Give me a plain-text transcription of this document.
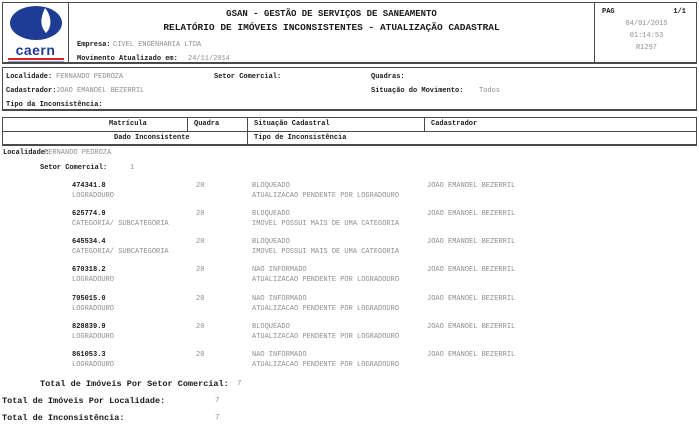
caern
GSAN - GESTÃO DE SERVIÇOS DE SANEAMENTO
RELATÓRIO DE IMÓVEIS INCONSISTENTES - ATUALIZAÇÃO CADASTRAL
Empresa: CIVEL ENGENHARIA LTDA
Movimento Atualizado em: 24/11/2014
PAG	1/1
04/01/2015
01:14:53
R1297
Localidade: FERNANDO PEDROZA	Setor Comercial:	Quadras:
Cadastrador: JOAO EMANOEL BEZERRIL	Situação do Movimento: Todos
Tipo da Inconsistência:
Matrícula	Quadra	Situação Cadastral	Cadastrador
Dado Inconsistente	Tipo de Inconsistência
Localidade:
FERNANDO PEDROZA
Setor Comercial:	1
474341.8	20	BLOQUEADO	JOAO EMANOEL BEZERRIL
LOGRADOURO	ATUALIZACAO PENDENTE POR LOGRADOURO
625774.9	20	BLOQUEADO	JOAO EMANOEL BEZERRIL
CATEGORIA/ SUBCATEGORIA	IMOVEL POSSUI MAIS DE UMA CATEGORIA
645534.4	20	BLOQUEADO	JOAO EMANOEL BEZERRIL
CATEGORIA/ SUBCATEGORIA	IMOVEL POSSUI MAIS DE UMA CATEGORIA
670318.2	20	NAO INFORMADO	JOAO EMANOEL BEZERRIL
LOGRADOURO	ATUALIZACAO PENDENTE POR LOGRADOURO
705015.0	20	NAO INFORMADO	JOAO EMANOEL BEZERRIL
LOGRADOURO	ATUALIZACAO PENDENTE POR LOGRADOURO
828839.9	20	BLOQUEADO	JOAO EMANOEL BEZERRIL
LOGRADOURO	ATUALIZACAO PENDENTE POR LOGRADOURO
861053.3	20	NAO INFORMADO	JOAO EMANOEL BEZERRIL
LOGRADOURO	ATUALIZACAO PENDENTE POR LOGRADOURO
Total de Imóveis Por Setor Comercial: 7
Total de Imóveis Por Localidade:	7
Total de Inconsistência:	7
